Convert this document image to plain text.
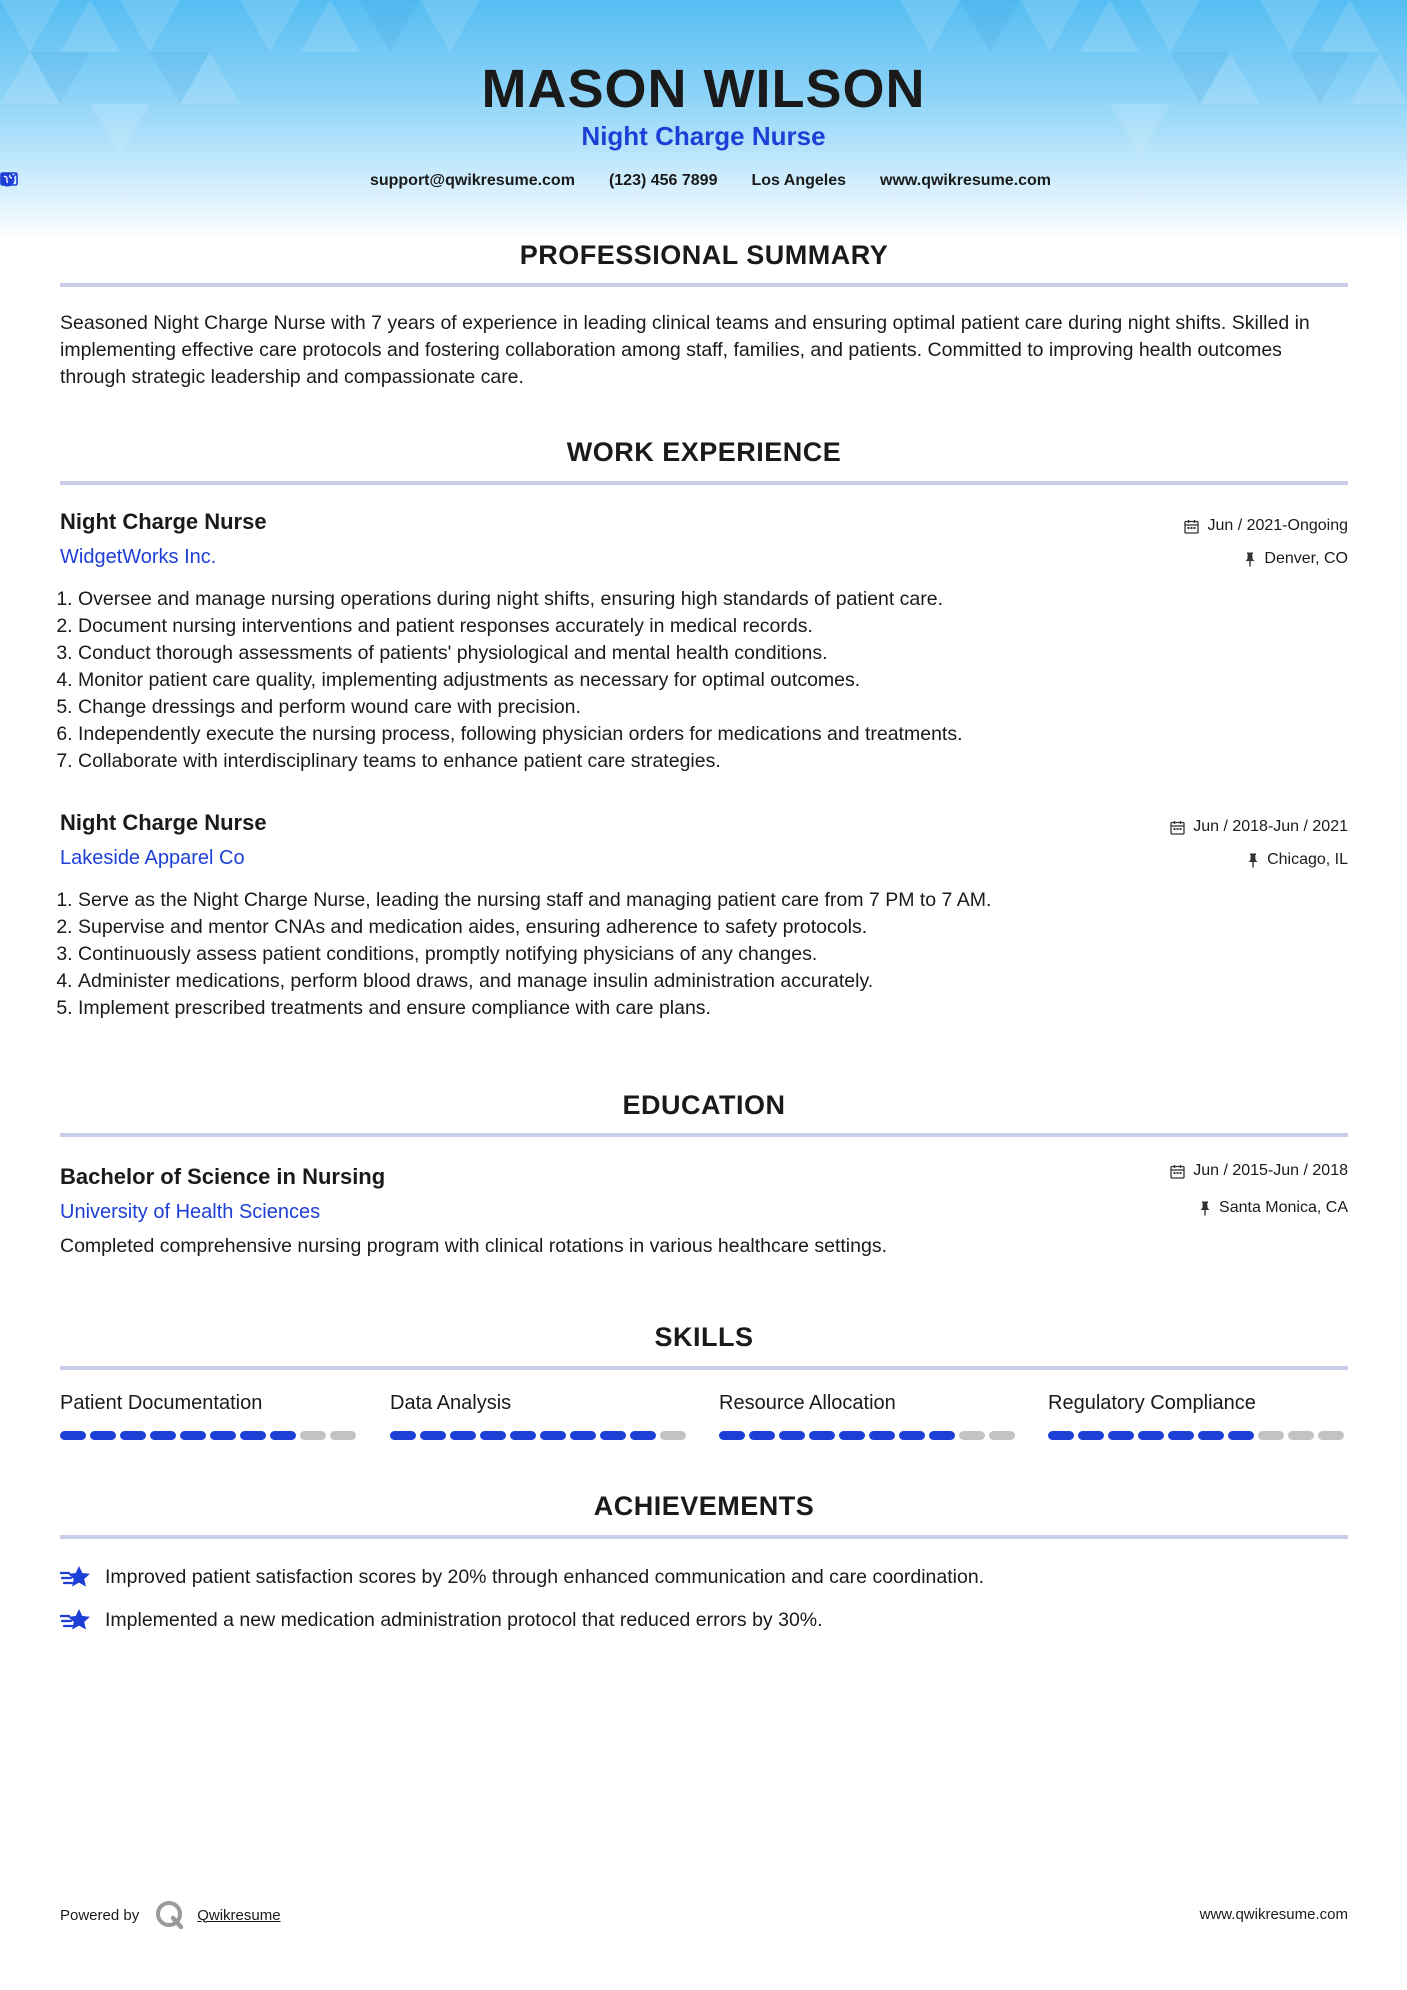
MASON WILSON
Night Charge Nurse
support@qwikresume.com (123) 456 7899 Los Angeles www.qwikresume.com
PROFESSIONAL SUMMARY
Seasoned Night Charge Nurse with 7 years of experience in leading clinical teams and ensuring optimal patient care during night shifts. Skilled in implementing effective care protocols and fostering collaboration among staff, families, and patients. Committed to improving health outcomes through strategic leadership and compassionate care.
WORK EXPERIENCE
Night Charge Nurse
WidgetWorks Inc.
Jun / 2021-Ongoing
Denver, CO
1. Oversee and manage nursing operations during night shifts, ensuring high standards of patient care.
2. Document nursing interventions and patient responses accurately in medical records.
3. Conduct thorough assessments of patients' physiological and mental health conditions.
4. Monitor patient care quality, implementing adjustments as necessary for optimal outcomes.
5. Change dressings and perform wound care with precision.
6. Independently execute the nursing process, following physician orders for medications and treatments.
7. Collaborate with interdisciplinary teams to enhance patient care strategies.
Night Charge Nurse
Lakeside Apparel Co
Jun / 2018-Jun / 2021
Chicago, IL
1. Serve as the Night Charge Nurse, leading the nursing staff and managing patient care from 7 PM to 7 AM.
2. Supervise and mentor CNAs and medication aides, ensuring adherence to safety protocols.
3. Continuously assess patient conditions, promptly notifying physicians of any changes.
4. Administer medications, perform blood draws, and manage insulin administration accurately.
5. Implement prescribed treatments and ensure compliance with care plans.
EDUCATION
Bachelor of Science in Nursing
University of Health Sciences
Jun / 2015-Jun / 2018
Santa Monica, CA
Completed comprehensive nursing program with clinical rotations in various healthcare settings.
SKILLS
Patient Documentation	Data Analysis	Resource Allocation	Regulatory Compliance
ACHIEVEMENTS
Improved patient satisfaction scores by 20% through enhanced communication and care coordination.
Implemented a new medication administration protocol that reduced errors by 30%.
Powered by	Qwikresume	www.qwikresume.com
